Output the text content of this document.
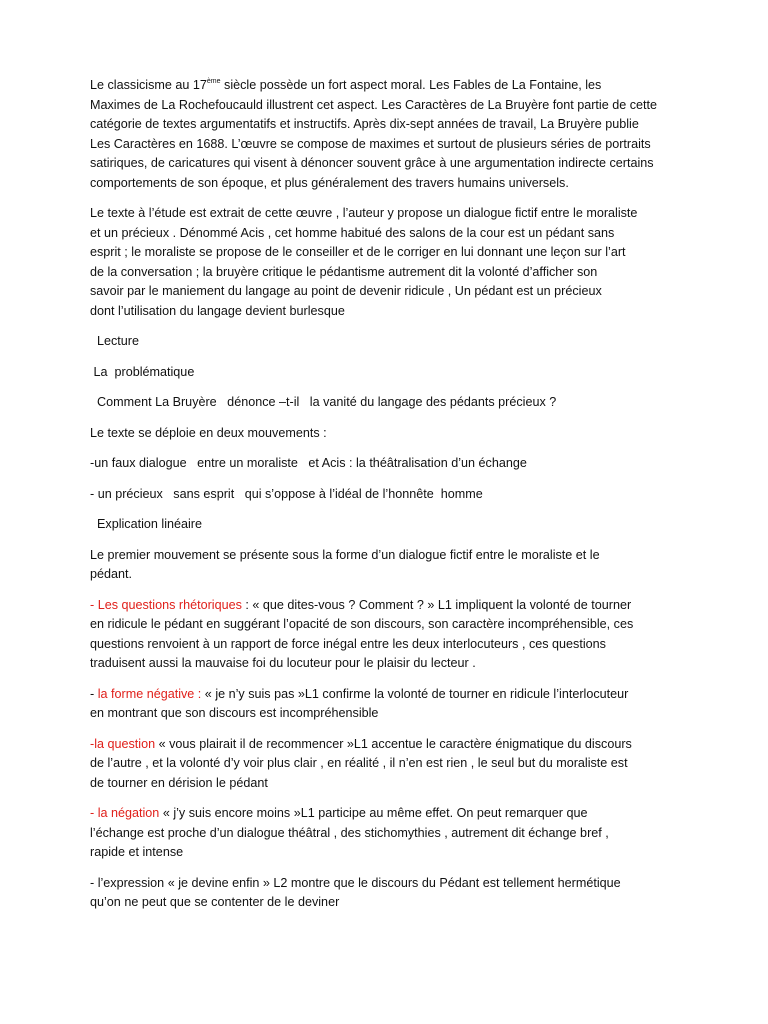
Le classicisme au 17ème siècle possède un fort aspect moral. Les Fables de La Fontaine, les
Maximes de La Rochefoucauld illustrent cet aspect. Les Caractères de La Bruyère font partie de cette
catégorie de textes argumentatifs et instructifs. Après dix-sept années de travail, La Bruyère publie
Les Caractères en 1688. L’œuvre se compose de maximes et surtout de plusieurs séries de portraits
satiriques, de caricatures qui visent à dénoncer souvent grâce à une argumentation indirecte certains
comportements de son époque, et plus généralement des travers humains universels.

Le texte à l’étude est extrait de cette œuvre , l’auteur y propose un dialogue fictif entre le moraliste
et un précieux . Dénommé Acis , cet homme habitué des salons de la cour est un pédant sans
esprit ; le moraliste se propose de le conseiller et de le corriger en lui donnant une leçon sur l’art
de la conversation ; la bruyère critique le pédantisme autrement dit la volonté d’afficher son
savoir par le maniement du langage au point de devenir ridicule , Un pédant est un précieux
dont l’utilisation du langage devient burlesque

Lecture

La  problématique

Comment La Bruyère   dénonce –t-il   la vanité du langage des pédants précieux ?

Le texte se déploie en deux mouvements :

-un faux dialogue   entre un moraliste   et Acis : la théâtralisation d’un échange

- un précieux   sans esprit   qui s’oppose à l’idéal de l’honnête  homme

Explication linéaire

Le premier mouvement se présente sous la forme d’un dialogue fictif entre le moraliste et le
pédant.

- Les questions rhétoriques : « que dites-vous ? Comment ? » L1 impliquent la volonté de tourner
en ridicule le pédant en suggérant l’opacité de son discours, son caractère incompréhensible, ces
questions renvoient à un rapport de force inégal entre les deux interlocuteurs , ces questions
traduisent aussi la mauvaise foi du locuteur pour le plaisir du lecteur .

- la forme négative : « je n’y suis pas »L1 confirme la volonté de tourner en ridicule l’interlocuteur
en montrant que son discours est incompréhensible

-la question « vous plairait il de recommencer »L1 accentue le caractère énigmatique du discours
de l’autre , et la volonté d’y voir plus clair , en réalité , il n’en est rien , le seul but du moraliste est
de tourner en dérision le pédant

- la négation « j’y suis encore moins »L1 participe au même effet. On peut remarquer que
l’échange est proche d’un dialogue théâtral , des stichomythies , autrement dit échange bref ,
rapide et intense

- l’expression « je devine enfin » L2 montre que le discours du Pédant est tellement hermétique
qu’on ne peut que se contenter de le deviner
